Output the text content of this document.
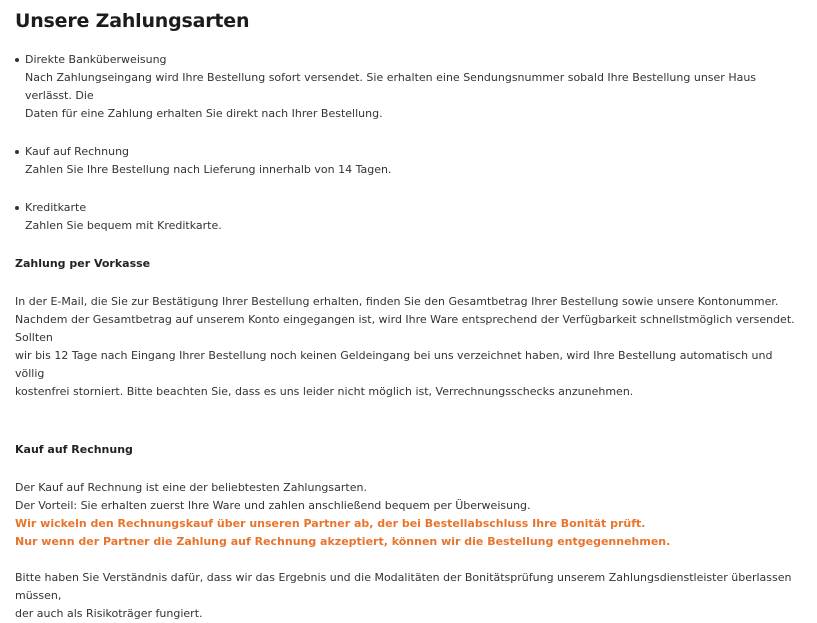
Unsere Zahlungsarten
Direkte Banküberweisung
Nach Zahlungseingang wird Ihre Bestellung sofort versendet. Sie erhalten eine Sendungsnummer sobald Ihre Bestellung unser Haus verlässt. Die
Daten für eine Zahlung erhalten Sie direkt nach Ihrer Bestellung.
Kauf auf Rechnung
Zahlen Sie Ihre Bestellung nach Lieferung innerhalb von 14 Tagen.
Kreditkarte
Zahlen Sie bequem mit Kreditkarte.
Zahlung per Vorkasse

In der E-Mail, die Sie zur Bestätigung Ihrer Bestellung erhalten, finden Sie den Gesamtbetrag Ihrer Bestellung sowie unsere Kontonummer.

Nachdem der Gesamtbetrag auf unserem Konto eingegangen ist, wird Ihre Ware entsprechend der Verfügbarkeit schnellstmöglich versendet. Sollten

wir bis 12 Tage nach Eingang Ihrer Bestellung noch keinen Geldeingang bei uns verzeichnet haben, wird Ihre Bestellung automatisch und völlig

kostenfrei storniert. Bitte beachten Sie, dass es uns leider nicht möglich ist, Verrechnungsschecks anzunehmen.

Kauf auf Rechnung

Der Kauf auf Rechnung ist eine der beliebtesten Zahlungsarten.

Der Vorteil: Sie erhalten zuerst Ihre Ware und zahlen anschließend bequem per Überweisung.

Wir wickeln den Rechnungskauf über unseren Partner ab, der bei Bestellabschluss Ihre Bonität prüft.

Nur wenn der Partner die Zahlung auf Rechnung akzeptiert, können wir die Bestellung entgegennehmen.

Bitte haben Sie Verständnis dafür, dass wir das Ergebnis und die Modalitäten der Bonitätsprüfung unserem Zahlungsdienstleister überlassen müssen,

der auch als Risikoträger fungiert.
